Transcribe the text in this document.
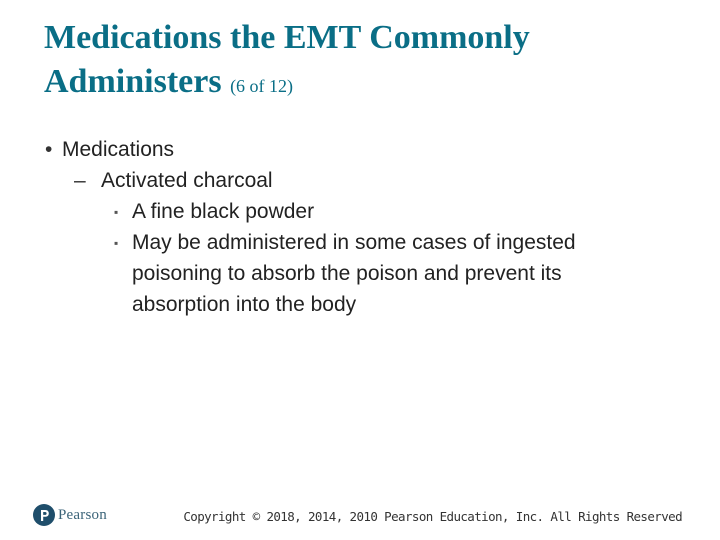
Medications the EMT Commonly
Administers (6 of 12)
• Medications
– Activated charcoal
▪ A fine black powder
▪ May be administered in some cases of ingested
poisoning to absorb the poison and prevent its
absorption into the body
Pearson	Copyright © 2018, 2014, 2010 Pearson Education, Inc. All Rights Reserved
